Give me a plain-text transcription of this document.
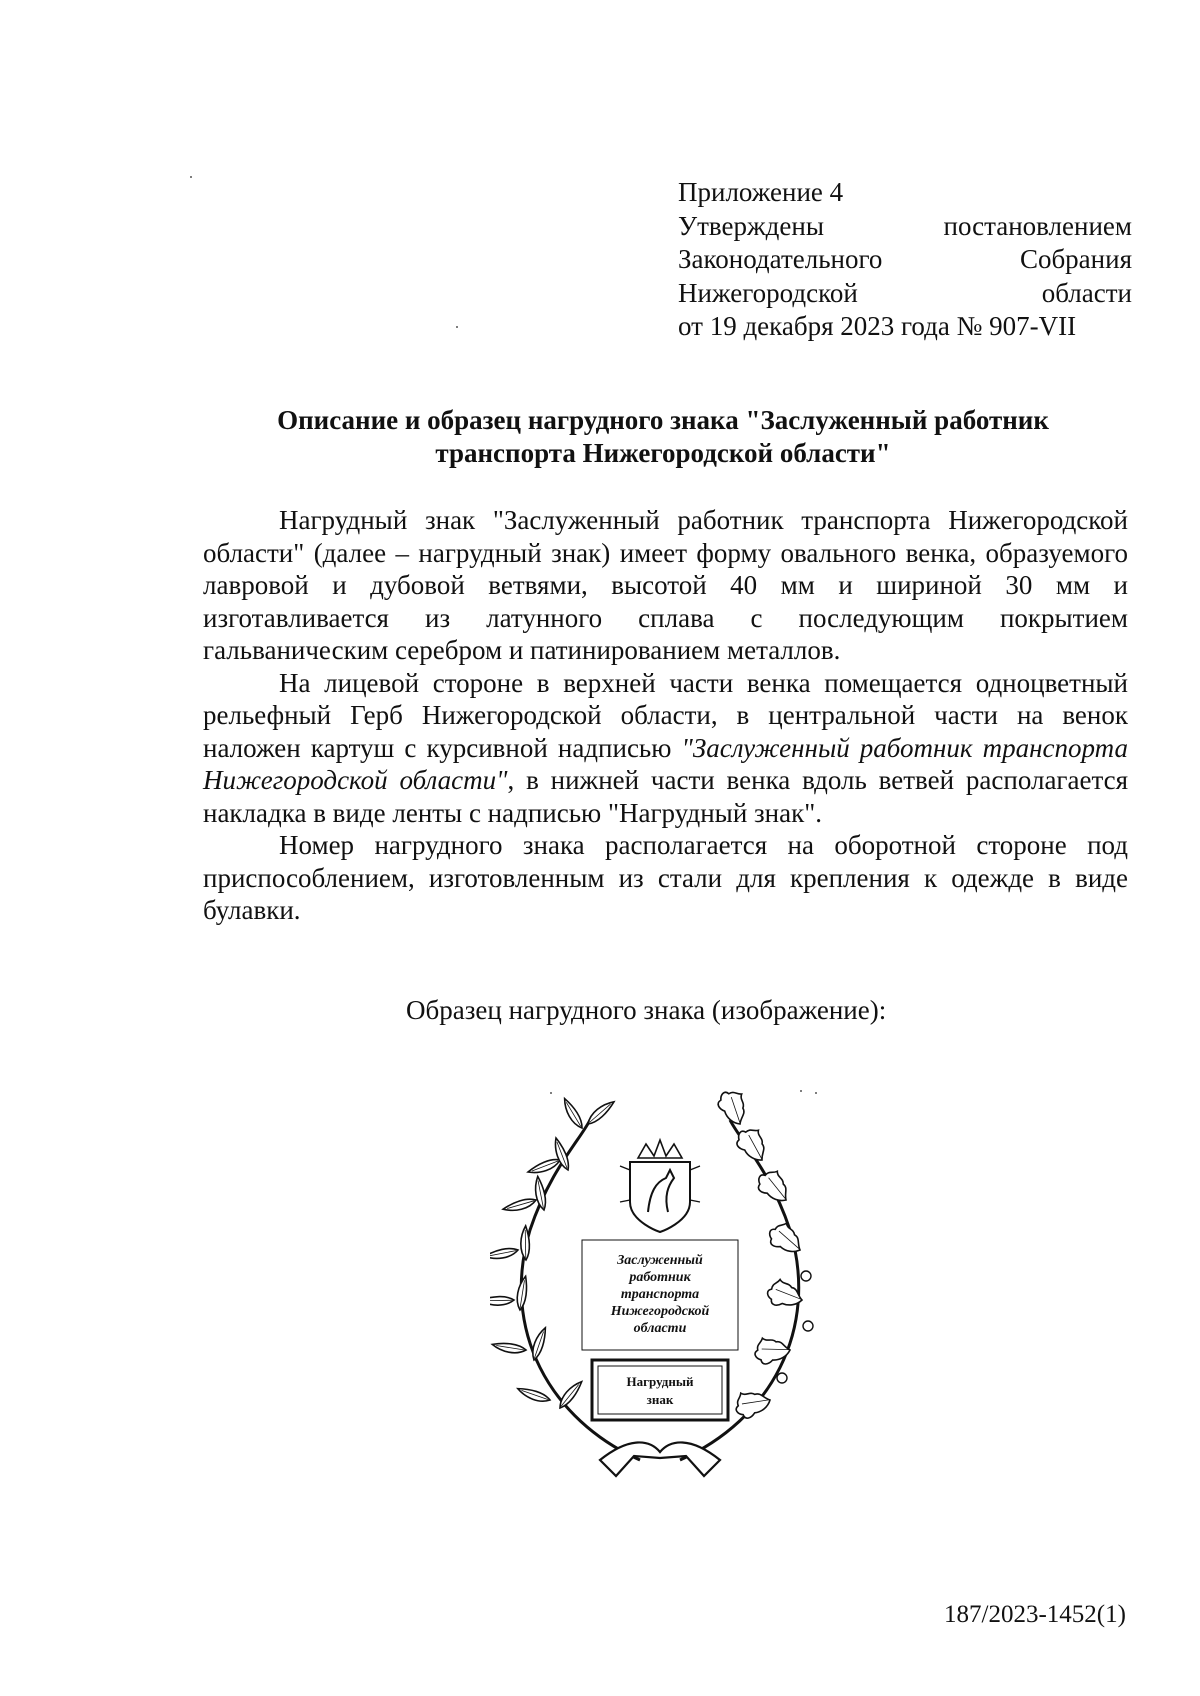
Приложение 4
Утверждены	постановлением
Законодательного	Собрания
Нижегородской	области
от 19 декабря 2023 года № 907-VII
Описание и образец нагрудного знака "Заслуженный работник
транспорта Нижегородской области"

Нагрудный знак "Заслуженный работник транспорта Нижегородской области" (далее – нагрудный знак) имеет форму овального венка, образуемого лавровой и дубовой ветвями, высотой 40 мм и шириной 30 мм и изготавливается из латунного сплава с последующим покрытием гальваническим серебром и патинированием металлов.

На лицевой стороне в верхней части венка помещается одноцветный рельефный Герб Нижегородской области, в центральной части на венок наложен картуш с курсивной надписью "Заслуженный работник транспорта Нижегородской области", в нижней части венка вдоль ветвей располагается накладка в виде ленты с надписью "Нагрудный знак".

Номер нагрудного знака располагается на оборотной стороне под приспособлением, изготовленным из стали для крепления к одежде в виде булавки.

Образец нагрудного знака (изображение):
Заслуженный
работник
транспорта
Нижегородской
области
Нагрудный
знак
187/2023-1452(1)
